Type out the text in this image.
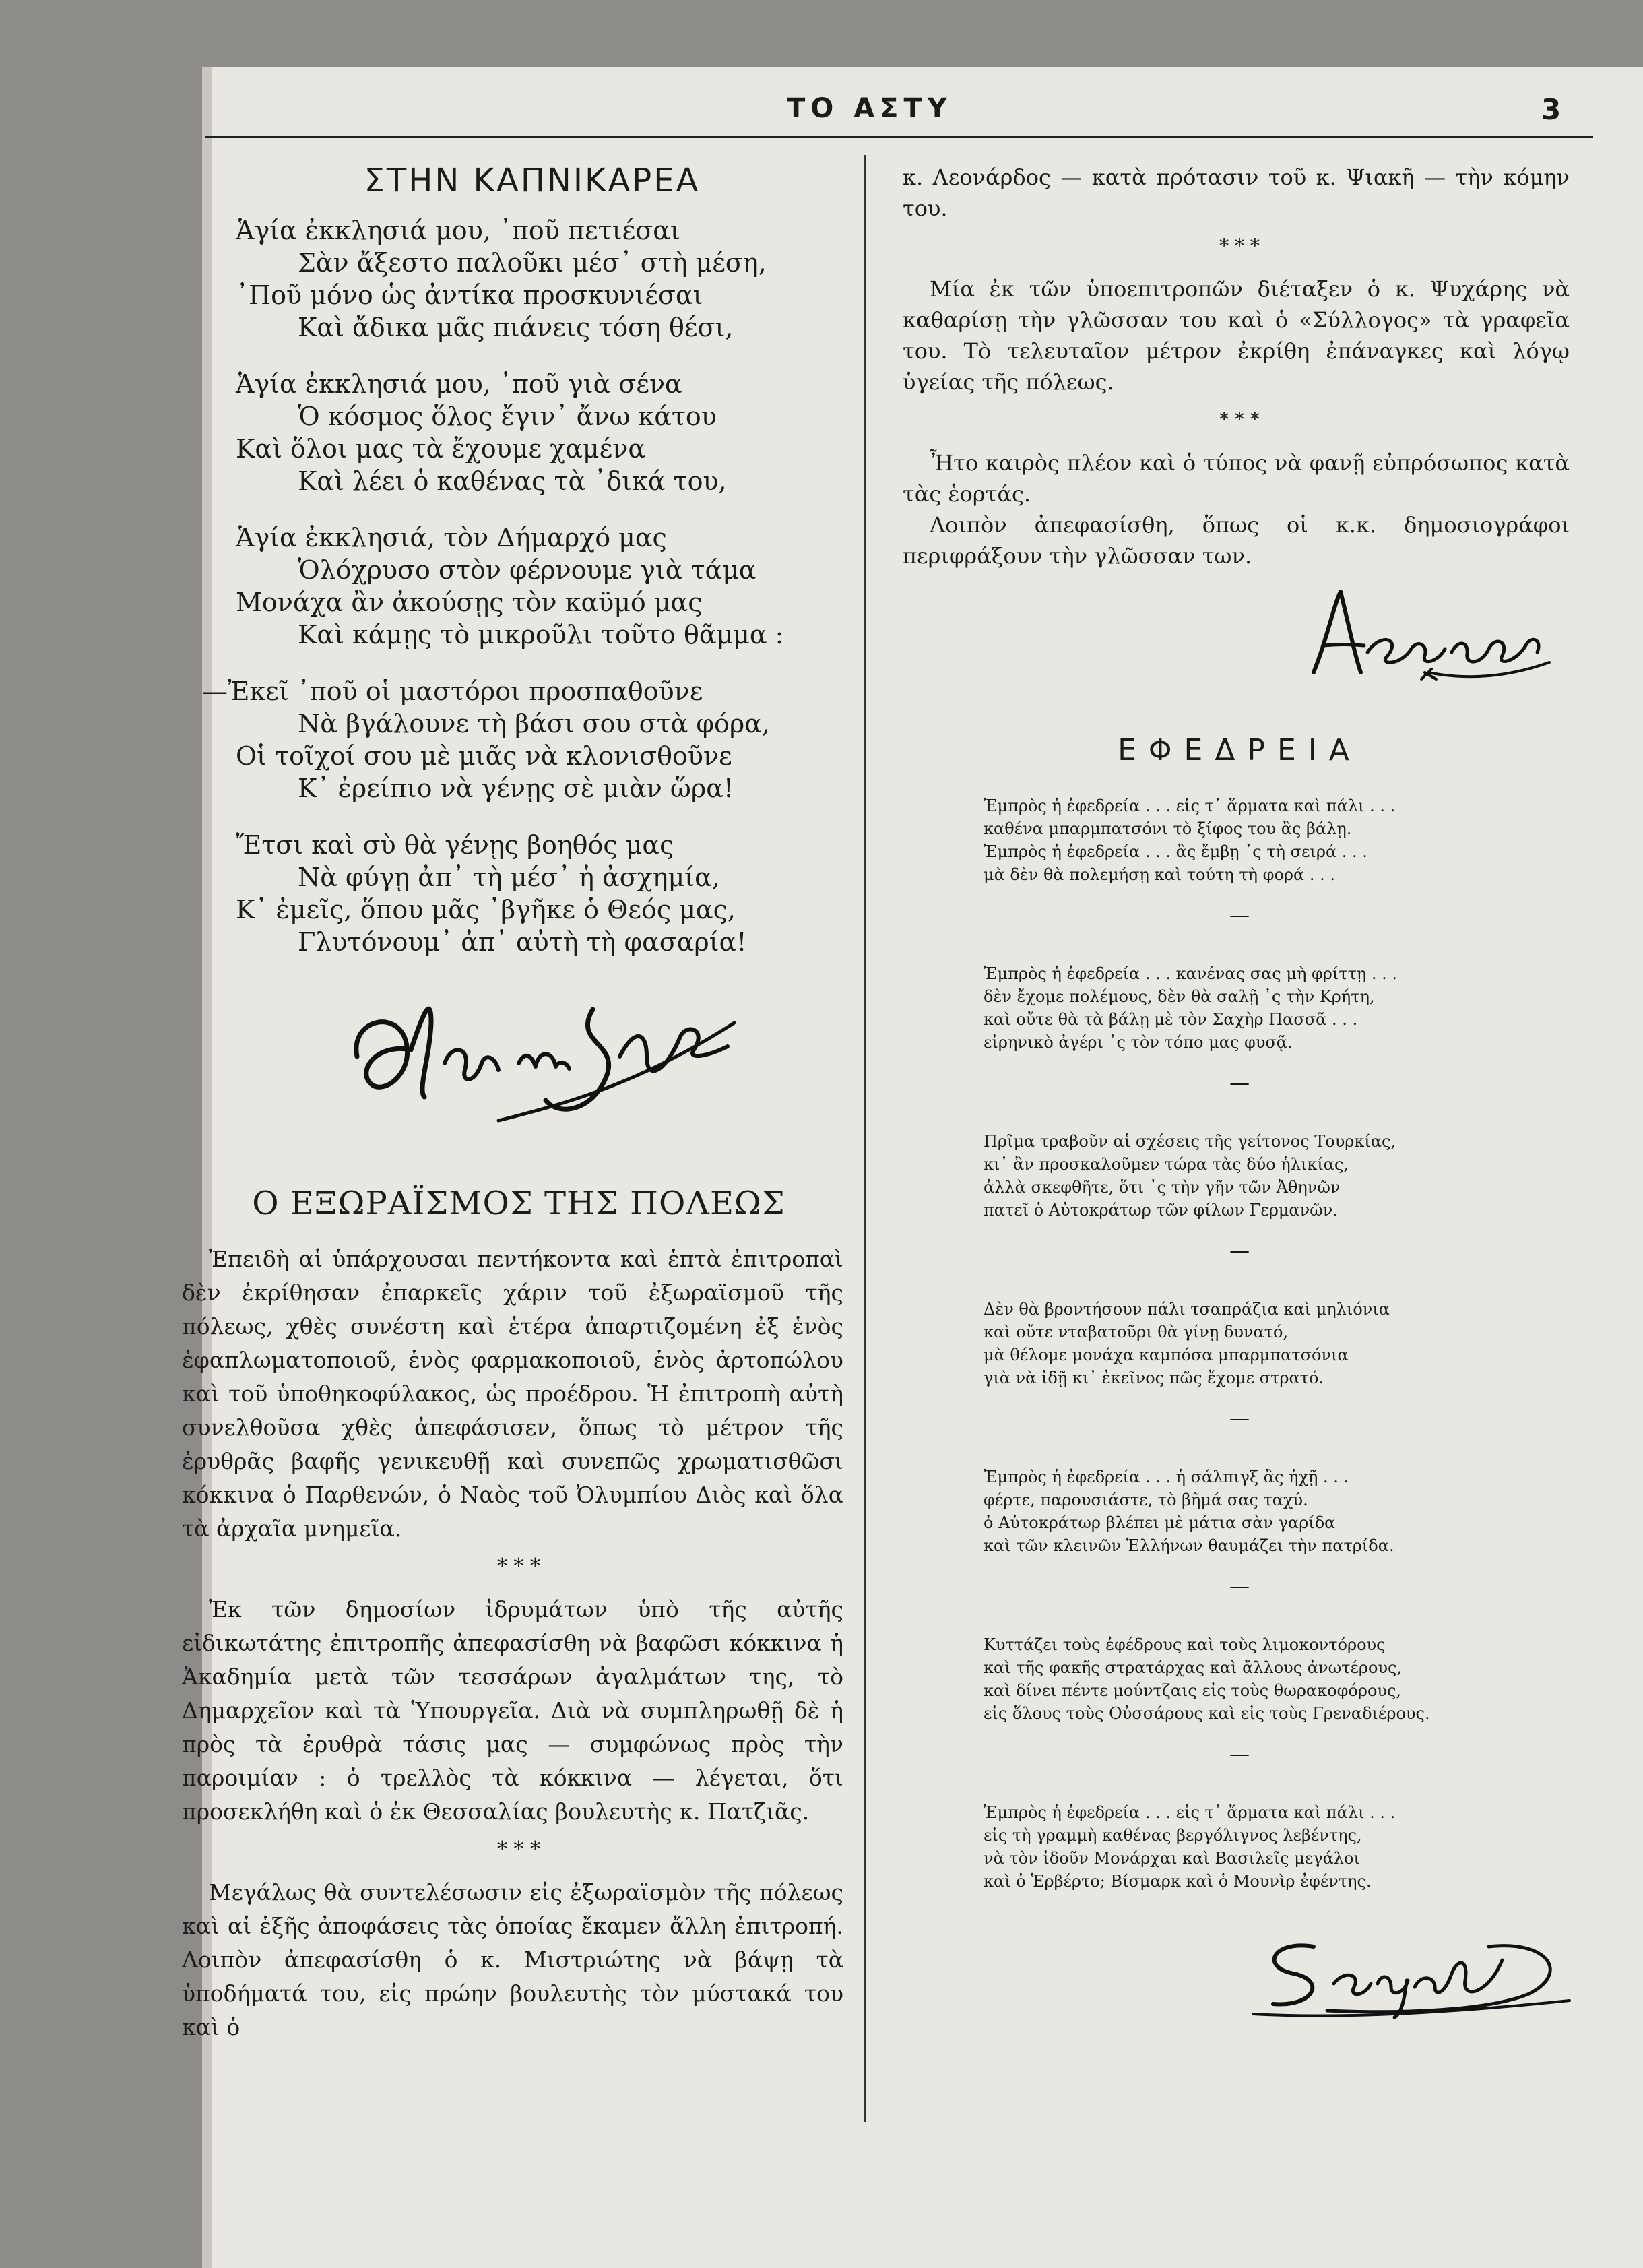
ΤΟ ΑΣΤΥ	3
ΣΤΗΝ ΚΑΠΝΙΚΑΡΕΑ
Ἁγία ἐκκλησιά μου, ᾽ποῦ πετιέσαι
Σὰν ἄξεστο παλοῦκι μέσ᾽ στὴ μέση,
᾽Ποῦ μόνο ὡς ἀντίκα προσκυνιέσαι
Καὶ ἄδικα μᾶς πιάνεις τόση θέσι,
Ἁγία ἐκκλησιά μου, ᾽ποῦ γιὰ σένα
Ὁ κόσμος ὅλος ἔγιν᾽ ἄνω κάτου
Καὶ ὅλοι μας τὰ ἔχουμε χαμένα
Καὶ λέει ὁ καθένας τὰ ᾽δικά του,
Ἁγία ἐκκλησιά, τὸν Δήμαρχό μας
Ὁλόχρυσο στὸν φέρνουμε γιὰ τάμα
Μονάχα ἂν ἀκούσῃς τὸν καϋμό μας
Καὶ κάμῃς τὸ μικροῦλι τοῦτο θᾶμμα :
—Ἐκεῖ ᾽ποῦ οἱ μαστόροι προσπαθοῦνε
Νὰ βγάλουνε τὴ βάσι σου στὰ φόρα,
Οἱ τοῖχοί σου μὲ μιᾶς νὰ κλονισθοῦνε
Κ᾽ ἐρείπιο νὰ γένῃς σὲ μιὰν ὥρα!
Ἔτσι καὶ σὺ θὰ γένῃς βοηθός μας
Νὰ φύγῃ ἀπ᾽ τὴ μέσ᾽ ἡ ἀσχημία,
Κ᾽ ἐμεῖς, ὅπου μᾶς ᾽βγῆκε ὁ Θεός μας,
Γλυτόνουμ᾽ ἀπ᾽ αὐτὴ τὴ φασαρία!
Ο ΕΞΩΡΑΪΣΜΟΣ ΤΗΣ ΠΟΛΕΩΣ

Ἐπειδὴ αἱ ὑπάρχουσαι πεντήκοντα καὶ ἑπτὰ ἐπιτροπαὶ δὲν ἐκρίθησαν ἐπαρκεῖς χάριν τοῦ ἐξωραϊσμοῦ τῆς πόλεως, χθὲς συνέστη καὶ ἑτέρα ἀπαρτιζομένη ἐξ ἑνὸς ἐφαπλωματοποιοῦ, ἑνὸς φαρμακοποιοῦ, ἑνὸς ἀρτοπώλου καὶ τοῦ ὑποθηκοφύλακος, ὡς προέδρου. Ἡ ἐπιτροπὴ αὐτὴ συνελθοῦσα χθὲς ἀπεφάσισεν, ὅπως τὸ μέτρον τῆς ἐρυθρᾶς βαφῆς γενικευθῇ καὶ συνεπῶς χρωματισθῶσι κόκκινα ὁ Παρθενών, ὁ Ναὸς τοῦ Ὀλυμπίου Διὸς καὶ ὅλα τὰ ἀρχαῖα μνημεῖα.

* * *

Ἐκ τῶν δημοσίων ἱδρυμάτων ὑπὸ τῆς αὐτῆς εἰδικωτάτης ἐπιτροπῆς ἀπεφασίσθη νὰ βαφῶσι κόκκινα ἡ Ἀκαδημία μετὰ τῶν τεσσάρων ἀγαλμάτων της, τὸ Δημαρχεῖον καὶ τὰ Ὑπουργεῖα. Διὰ νὰ συμπληρωθῇ δὲ ἡ πρὸς τὰ ἐρυθρὰ τάσις μας — συμφώνως πρὸς τὴν παροιμίαν : ὁ τρελλὸς τὰ κόκκινα — λέγεται, ὅτι προσεκλήθη καὶ ὁ ἐκ Θεσσαλίας βουλευτὴς κ. Πατζιᾶς.

* * *

Μεγάλως θὰ συντελέσωσιν εἰς ἐξωραϊσμὸν τῆς πόλεως καὶ αἱ ἑξῆς ἀποφάσεις τὰς ὁποίας ἔκαμεν ἄλλη ἐπιτροπή. Λοιπὸν ἀπεφασίσθη ὁ κ. Μιστριώτης νὰ βάψῃ τὰ ὑποδήματά του, εἰς πρώην βουλευτὴς τὸν μύστακά του καὶ ὁ

κ. Λεονάρδος — κατὰ πρότασιν τοῦ κ. Ψιακῆ — τὴν κόμην του.

* * *

Μία ἐκ τῶν ὑποεπιτροπῶν διέταξεν ὁ κ. Ψυχάρης νὰ καθαρίσῃ τὴν γλῶσσαν του καὶ ὁ «Σύλλογος» τὰ γραφεῖα του. Τὸ τελευταῖον μέτρον ἐκρίθη ἐπάναγκες καὶ λόγῳ ὑγείας τῆς πόλεως.

* * *

Ἦτο καιρὸς πλέον καὶ ὁ τύπος νὰ φανῇ εὐπρόσωπος κατὰ τὰς ἑορτάς.

Λοιπὸν ἀπεφασίσθη, ὅπως οἱ κ.κ. δημοσιογράφοι περιφράξουν τὴν γλῶσσαν των.

ΕΦΕΔΡΕΙΑ
Ἐμπρὸς ἡ ἐφεδρεία . . . εἰς τ᾽ ἅρματα καὶ πάλι . . .
καθένα μπαρμπατσόνι τὸ ξίφος του ἂς βάλῃ.
Ἐμπρὸς ἡ ἐφεδρεία . . . ἂς ἔμβῃ ᾽ς τὴ σειρά . . .
μὰ δὲν θὰ πολεμήσῃ καὶ τούτη τὴ φορά . . .
—
Ἐμπρὸς ἡ ἐφεδρεία . . . κανένας σας μὴ φρίττῃ . . .
δὲν ἔχομε πολέμους, δὲν θὰ σαλῇ ᾽ς τὴν Κρήτη,
καὶ οὔτε θὰ τὰ βάλῃ μὲ τὸν Σαχὴρ Πασσᾶ . . .
εἰρηνικὸ ἀγέρι ᾽ς τὸν τόπο μας φυσᾷ.
—
Πρῖμα τραβοῦν αἱ σχέσεις τῆς γείτονος Τουρκίας,
κι᾽ ἂν προσκαλοῦμεν τώρα τὰς δύο ἡλικίας,
ἀλλὰ σκεφθῆτε, ὅτι ᾽ς τὴν γῆν τῶν Ἀθηνῶν
πατεῖ ὁ Αὐτοκράτωρ τῶν φίλων Γερμανῶν.
—
Δὲν θὰ βροντήσουν πάλι τσαπράζια καὶ μηλιόνια
καὶ οὔτε νταβατοῦρι θὰ γίνῃ δυνατό,
μὰ θέλομε μονάχα καμπόσα μπαρμπατσόνια
γιὰ νὰ ἰδῇ κι᾽ ἐκεῖνος πῶς ἔχομε στρατό.
—
Ἐμπρὸς ἡ ἐφεδρεία . . . ἡ σάλπιγξ ἂς ἠχῇ . . .
φέρτε, παρουσιάστε, τὸ βῆμά σας ταχύ.
ὁ Αὐτοκράτωρ βλέπει μὲ μάτια σὰν γαρίδα
καὶ τῶν κλεινῶν Ἑλλήνων θαυμάζει τὴν πατρίδα.
—
Κυττάζει τοὺς ἐφέδρους καὶ τοὺς λιμοκοντόρους
καὶ τῆς φακῆς στρατάρχας καὶ ἄλλους ἀνωτέρους,
καὶ δίνει πέντε μούντζαις εἰς τοὺς θωρακοφόρους,
εἰς ὅλους τοὺς Οὐσσάρους καὶ εἰς τοὺς Γρεναδιέρους.
—
Ἐμπρὸς ἡ ἐφεδρεία . . . εἰς τ᾽ ἅρματα καὶ πάλι . . .
εἰς τὴ γραμμὴ καθένας βεργόλιγνος λεβέντης,
νὰ τὸν ἰδοῦν Μονάρχαι καὶ Βασιλεῖς μεγάλοι
καὶ ὁ Ἑρβέρτο; Βίσμαρκ καὶ ὁ Μουνὶρ ἐφέντης.
